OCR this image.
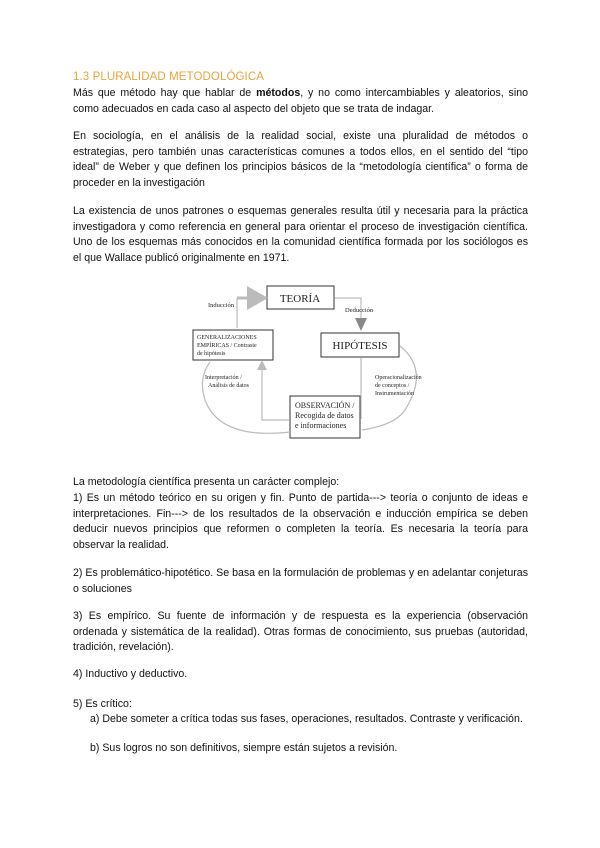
1.3 PLURALIDAD METODOLÓGICA
Más que método hay que hablar de métodos, y no como intercambiables y aleatorios, sino como adecuados en cada caso al aspecto del objeto que se trata de indagar.
En sociología, en el análisis de la realidad social, existe una pluralidad de métodos o estrategias, pero también unas características comunes a todos ellos, en el sentido del “tipo ideal” de Weber y que definen los principios básicos de la “metodología científica” o forma de proceder en la investigación
La existencia de unos patrones o esquemas generales resulta útil y necesaria para la práctica investigadora y como referencia en general para orientar el proceso de investigación científica. Uno de los esquemas más conocidos en la comunidad científica formada por los sociólogos es el que Wallace publicó originalmente en 1971.
TEORÍA
HIPÓTESIS
GENERALIZACIONES
EMPÍRICAS / Contraste
de hipótesis
OBSERVACIÓN /
Recogida de datos
e informaciones
Inducción
Deducción
Interpretación /
Análisis de datos
Operacionalización
de conceptos /
Instrumentación
La metodología científica presenta un carácter complejo:
1) Es un método teórico en su origen y fin. Punto de partida---> teoría o conjunto de ideas e interpretaciones. Fin---> de los resultados de la observación e inducción empírica se deben deducir nuevos principios que reformen o completen la teoría. Es necesaria la teoría para observar la realidad.
2) Es problemático-hipotético. Se basa en la formulación de problemas y en adelantar conjeturas o soluciones
3) Es empírico. Su fuente de información y de respuesta es la experiencia (observación ordenada y sistemática de la realidad). Otras formas de conocimiento, sus pruebas (autoridad, tradición, revelación).
4) Inductivo y deductivo.
5) Es crítico:
a) Debe someter a crítica todas sus fases, operaciones, resultados. Contraste y verificación.
b) Sus logros no son definitivos, siempre están sujetos a revisión.
